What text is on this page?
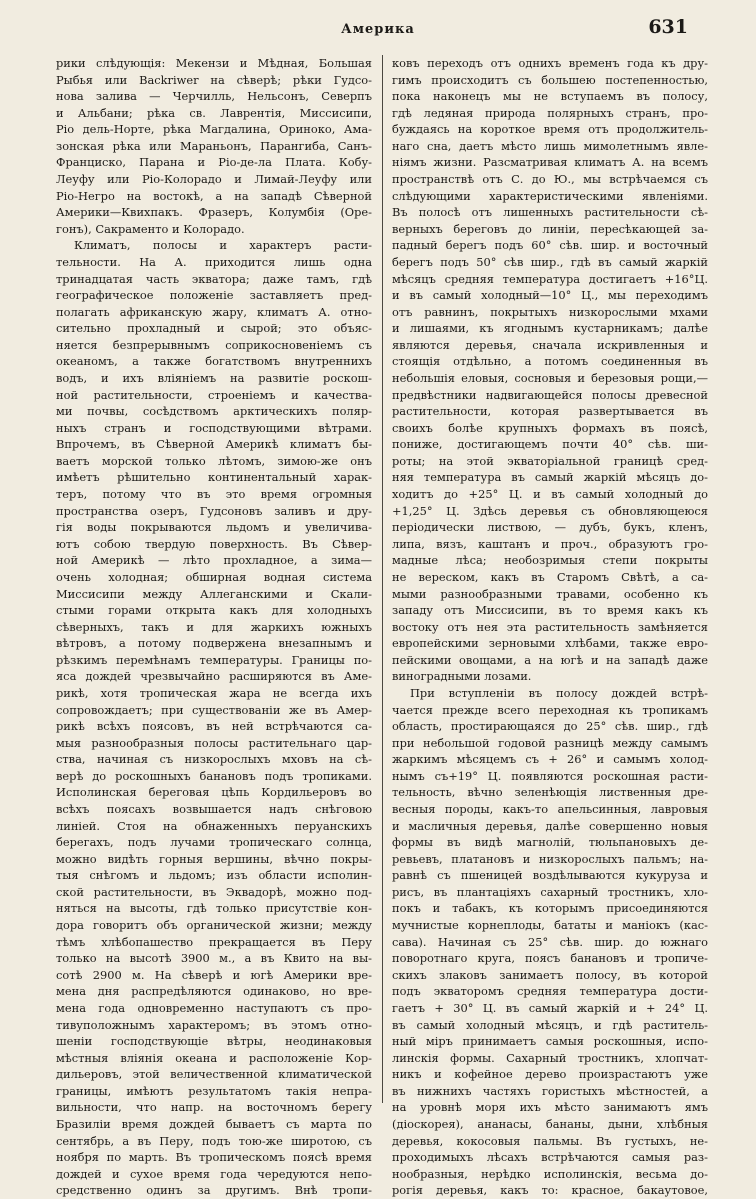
Америка	631
рики слѣдующія: Мекензи и Мѣдная, Большая
Рыбья или Backriwer на сѣверѣ; рѣки Гудсо-
нова залива — Черчилль, Нельсонъ, Северпъ
и Альбани; рѣка св. Лаврентія, Миссисипи,
Ріо дель-Норте, рѣка Магдалина, Ориноко, Ама-
зонская рѣка или Мараньонъ, Парангиба, Санъ-
Франциско, Парана и Ріо-де-ла Плата. Кобу-
Леуфу или Ріо-Колорадо и Лимай-Леуфу или
Ріо-Негро на востокѣ, а на западѣ Сѣверной
Америки—Квихпакъ. Фразеръ, Колумбія (Оре-
гонъ), Сакраменто и Колорадо.
Климатъ, полосы и характеръ расти-
тельности. На А. приходится лишь одна
тринадцатая часть экватора; даже тамъ, гдѣ
географическое положеніе заставляетъ пред-
полагать африканскую жару, климатъ А. отно-
сительно прохладный и сырой; это объяс-
няется безпрерывнымъ соприкосновеніемъ съ
океаномъ, а также богатствомъ внутреннихъ
водъ, и ихъ вліяніемъ на развитіе роскош-
ной растительности, строеніемъ и качества-
ми почвы, сосѣдствомъ арктическихъ поляр-
ныхъ странъ и господствующими вѣтрами.
Впрочемъ, въ Сѣверной Америкѣ климатъ бы-
ваетъ морской только лѣтомъ, зимою-же онъ
имѣетъ рѣшительно континентальный харак-
теръ, потому что въ это время огромныя
пространства озеръ, Гудсоновъ заливъ и дру-
гія воды покрываются льдомъ и увеличива-
ютъ собою твердую поверхность. Въ Сѣвер-
ной Америкѣ — лѣто прохладное, а зима—
очень холодная; обширная водная система
Миссисипи между Аллеганскими и Скали-
стыми горами открыта какъ для холодныхъ
сѣверныхъ, такъ и для жаркихъ южныхъ
вѣтровъ, а потому подвержена внезапнымъ и
рѣзкимъ перемѣнамъ температуры. Границы по-
яса дождей чрезвычайно расширяются въ Аме-
рикѣ, хотя тропическая жара не всегда ихъ
сопровождаетъ; при существованіи же въ Амер-
рикѣ всѣхъ поясовъ, въ ней встрѣчаются са-
мыя разнообразныя полосы растительнаго цар-
ства, начиная съ низкорослыхъ мховъ на сѣ-
верѣ до роскошныхъ банановъ подъ тропиками.
Исполинская береговая цѣпь Кордильеровъ во
всѣхъ поясахъ возвышается надъ снѣговою
линіей. Стоя на обнаженныхъ перуанскихъ
берегахъ, подъ лучами тропическаго солнца,
можно видѣть горныя вершины, вѣчно покры-
тыя снѣгомъ и льдомъ; изъ области исполин-
ской растительности, въ Эквадорѣ, можно под-
няться на высоты, гдѣ только присутствіе кон-
дора говоритъ объ органической жизни; между
тѣмъ хлѣбопашество прекращается въ Перу
только на высотѣ 3900 м., а въ Квито на вы-
сотѣ 2900 м. На сѣверѣ и югѣ Америки вре-
мена дня распредѣляются одинаково, но вре-
мена года одновременно наступаютъ съ про-
тивуположнымъ характеромъ; въ этомъ отно-
шеніи господствующіе вѣтры, неодинаковыя
мѣстныя вліянія океана и расположеніе Кор-
дильеровъ, этой величественной климатической
границы, имѣютъ результатомъ такія непра-
вильности, что напр. на восточномъ берегу
Бразиліи время дождей бываетъ съ марта по
сентябрь, а въ Перу, подъ тою-же широтою, съ
ноября по марть. Въ тропическомъ поясѣ время
дождей и сухое время года чередуются непо-
средственно одинъ за другимъ. Внѣ тропи-
ковъ переходъ отъ однихъ временъ года къ дру-
гимъ происходитъ съ большею постепенностью,
пока наконецъ мы не вступаемъ въ полосу,
гдѣ ледяная природа полярныхъ странъ, про-
буждаясь на короткое время отъ продолжитель-
наго сна, даетъ мѣсто лишь мимолетнымъ явле-
ніямъ жизни. Разсматривая климатъ А. на всемъ
пространствѣ отъ С. до Ю., мы встрѣчаемся съ
слѣдующими характеристическими явленіями.
Въ полосѣ отъ лишенныхъ растительности сѣ-
верныхъ береговъ до линіи, пересѣкающей за-
падный берегъ подъ 60° сѣв. шир. и восточный
берегъ подъ 50° сѣв шир., гдѣ въ самый жаркій
мѣсяцъ средняя температура достигаетъ +16°Ц.
и въ самый холодный—10° Ц., мы переходимъ
отъ равнинъ, покрытыхъ низкорослыми мхами
и лишаями, къ ягоднымъ кустарникамъ; далѣе
являются деревья, сначала искривленныя и
стоящія отдѣльно, а потомъ соединенныя въ
небольшія еловыя, сосновыя и березовыя рощи,—
предвѣстники надвигающейся полосы древесной
растительности, которая развертывается въ
своихъ болѣе крупныхъ формахъ въ поясѣ,
пониже, достигающемъ почти 40° сѣв. ши-
роты; на этой экваторіальной границѣ сред-
няя температура въ самый жаркій мѣсяцъ до-
ходитъ до +25° Ц. и въ самый холодный до
+1,25° Ц. Здѣсь деревья съ обновляющеюся
періодически листвою, — дубъ, букъ, кленъ,
липа, вязъ, каштанъ и проч., образуютъ гро-
мадные лѣса; необозримыя степи покрыты
не вереском, какъ въ Старомъ Свѣтѣ, а са-
мыми разнообразными травами, особенно къ
западу отъ Миссисипи, въ то время какъ къ
востоку отъ нея эта растительность замѣняется
европейскими зерновыми хлѣбами, также евро-
пейскими овощами, а на югѣ и на западѣ даже
виноградными лозами.
При вступленіи въ полосу дождей встрѣ-
чается прежде всего переходная къ тропикамъ
область, простирающаяся до 25° сѣв. шир., гдѣ
при небольшой годовой разницѣ между самымъ
жаркимъ мѣсяцемъ съ + 26° и самымъ холод-
нымъ съ+19° Ц. появляются роскошная расти-
тельность, вѣчно зеленѣющія лиственныя дре-
весныя породы, какъ-то апельсинныя, лавровыя
и масличныя деревья, далѣе совершенно новыя
формы въ видѣ магнолій, тюльпановыхъ де-
ревьевъ, платановъ и низкорослыхъ пальмъ; на-
равнѣ съ пшеницей воздѣлываются кукуруза и
рисъ, въ плантаціяхъ сахарный тростникъ, хло-
покъ и табакъ, къ которымъ присоединяются
мучнистые корнеплоды, бататы и маніокъ (кас-
сава). Начиная съ 25° сѣв. шир. до южнаго
поворотнаго круга, поясъ банановъ и тропиче-
скихъ злаковъ занимаетъ полосу, въ которой
подъ экваторомъ средняя температура дости-
гаетъ + 30° Ц. въ самый жаркій и + 24° Ц.
въ самый холодный мѣсяцъ, и гдѣ раститель-
ный міръ принимаетъ самыя роскошныя, испо-
линскія формы. Сахарный тростникъ, хлопчат-
никъ и кофейное дерево произрастаютъ уже
въ нижнихъ частяхъ гористыхъ мѣстностей, а
на уровнѣ моря ихъ мѣсто занимаютъ ямъ
(діоскорея), ананасы, бананы, дыни, хлѣбныя
деревья, кокосовыя пальмы. Въ густыхъ, не-
проходимыхъ лѣсахъ встрѣчаются самыя раз-
нообразныя, нерѣдко исполинскія, весьма до-
рогія деревья, какъ то: красное, бакаутовое,
